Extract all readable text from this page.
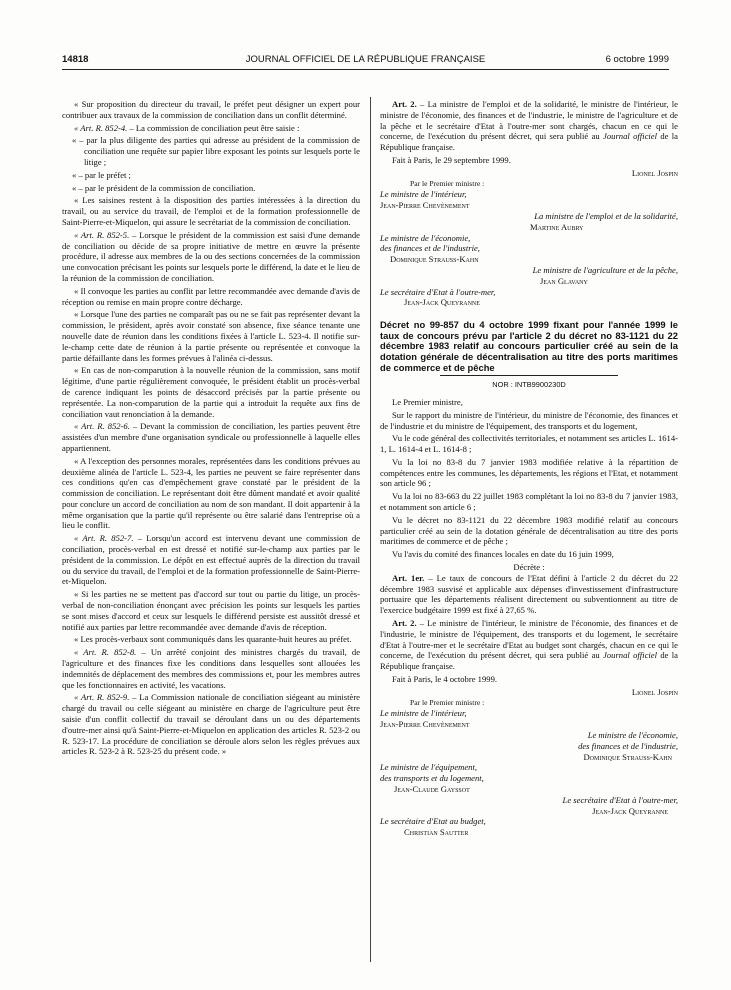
14818	JOURNAL OFFICIEL DE LA RÉPUBLIQUE FRANÇAISE	6 octobre 1999

« Sur proposition du directeur du travail, le préfet peut désigner un expert pour contribuer aux travaux de la commission de conciliation dans un conflit déterminé.

« Art. R. 852-4. – La commission de conciliation peut être saisie :

« – par la plus diligente des parties qui adresse au président de la commission de conciliation une requête sur papier libre exposant les points sur lesquels porte le litige ;

« – par le préfet ;

« – par le président de la commission de conciliation.

« Les saisines restent à la disposition des parties intéressées à la direction du travail, ou au service du travail, de l'emploi et de la formation professionnelle de Saint-Pierre-et-Miquelon, qui assure le secrétariat de la commission de conciliation.

« Art. R. 852-5. – Lorsque le président de la commission est saisi d'une demande de conciliation ou décide de sa propre initiative de mettre en œuvre la présente procédure, il adresse aux membres de la ou des sections concernées de la commission une convocation précisant les points sur lesquels porte le différend, la date et le lieu de la réunion de la commission de conciliation.

« Il convoque les parties au conflit par lettre recommandée avec demande d'avis de réception ou remise en main propre contre décharge.

« Lorsque l'une des parties ne comparaît pas ou ne se fait pas représenter devant la commission, le président, après avoir constaté son absence, fixe séance tenante une nouvelle date de réunion dans les conditions fixées à l'article L. 523-4. Il notifie sur-le-champ cette date de réunion à la partie présente ou représentée et convoque la partie défaillante dans les formes prévues à l'alinéa ci-dessus.

« En cas de non-comparution à la nouvelle réunion de la commission, sans motif légitime, d'une partie régulièrement convoquée, le président établit un procès-verbal de carence indiquant les points de désaccord précisés par la partie présente ou représentée. La non-comparution de la partie qui a introduit la requête aux fins de conciliation vaut renonciation à la demande.

« Art. R. 852-6. – Devant la commission de conciliation, les parties peuvent être assistées d'un membre d'une organisation syndicale ou professionnelle à laquelle elles appartiennent.

« A l'exception des personnes morales, représentées dans les conditions prévues au deuxième alinéa de l'article L. 523-4, les parties ne peuvent se faire représenter dans ces conditions qu'en cas d'empêchement grave constaté par le président de la commission de conciliation. Le représentant doit être dûment mandaté et avoir qualité pour conclure un accord de conciliation au nom de son mandant. Il doit appartenir à la même organisation que la partie qu'il représente ou être salarié dans l'entreprise où a lieu le conflit.

« Art. R. 852-7. – Lorsqu'un accord est intervenu devant une commission de conciliation, procès-verbal en est dressé et notifié sur-le-champ aux parties par le président de la commission. Le dépôt en est effectué auprès de la direction du travail ou du service du travail, de l'emploi et de la formation professionnelle de Saint-Pierre-et-Miquelon.

« Si les parties ne se mettent pas d'accord sur tout ou partie du litige, un procès-verbal de non-conciliation énonçant avec précision les points sur lesquels les parties se sont mises d'accord et ceux sur lesquels le différend persiste est aussitôt dressé et notifié aux parties par lettre recommandée avec demande d'avis de réception.

« Les procès-verbaux sont communiqués dans les quarante-huit heures au préfet.

« Art. R. 852-8. – Un arrêté conjoint des ministres chargés du travail, de l'agriculture et des finances fixe les conditions dans lesquelles sont allouées les indemnités de déplacement des membres des commissions et, pour les membres autres que les fonctionnaires en activité, les vacations.

« Art. R. 852-9. – La Commission nationale de conciliation siégeant au ministère chargé du travail ou celle siégeant au ministère en charge de l'agriculture peut être saisie d'un conflit collectif du travail se déroulant dans un ou des départements d'outre-mer ainsi qu'à Saint-Pierre-et-Miquelon en application des articles R. 523-2 ou R. 523-17. La procédure de conciliation se déroule alors selon les règles prévues aux articles R. 523-2 à R. 523-25 du présent code. »

Art. 2. – La ministre de l'emploi et de la solidarité, le ministre de l'intérieur, le ministre de l'économie, des finances et de l'industrie, le ministre de l'agriculture et de la pêche et le secrétaire d'Etat à l'outre-mer sont chargés, chacun en ce qui le concerne, de l'exécution du présent décret, qui sera publié au Journal officiel de la République française.

Fait à Paris, le 29 septembre 1999.

Lionel Jospin

Par le Premier ministre :

Le ministre de l'intérieur,

Jean-Pierre Chevènement

La ministre de l'emploi et de la solidarité,

Martine Aubry

Le ministre de l'économie,

des finances et de l'industrie,

Dominique Strauss-Kahn

Le ministre de l'agriculture et de la pêche,

Jean Glavany

Le secrétaire d'Etat à l'outre-mer,

Jean-Jack Queyranne

Décret no 99-857 du 4 octobre 1999 fixant pour l'année 1999 le taux de concours prévu par l'article 2 du décret no 83-1121 du 22 décembre 1983 relatif au concours particulier créé au sein de la dotation générale de décentralisation au titre des ports maritimes de commerce et de pêche
NOR : INTB9900230D

Le Premier ministre,

Sur le rapport du ministre de l'intérieur, du ministre de l'économie, des finances et de l'industrie et du ministre de l'équipement, des transports et du logement,

Vu le code général des collectivités territoriales, et notamment ses articles L. 1614-1, L. 1614-4 et L. 1614-8 ;

Vu la loi no 83-8 du 7 janvier 1983 modifiée relative à la répartition de compétences entre les communes, les départements, les régions et l'Etat, et notamment son article 96 ;

Vu la loi no 83-663 du 22 juillet 1983 complétant la loi no 83-8 du 7 janvier 1983, et notamment son article 6 ;

Vu le décret no 83-1121 du 22 décembre 1983 modifié relatif au concours particulier créé au sein de la dotation générale de décentralisation au titre des ports maritimes de commerce et de pêche ;

Vu l'avis du comité des finances locales en date du 16 juin 1999,

Décrète :

Art. 1er. – Le taux de concours de l'Etat défini à l'article 2 du décret du 22 décembre 1983 susvisé et applicable aux dépenses d'investissement d'infrastructure portuaire que les départements réalisent directement ou subventionnent au titre de l'exercice budgétaire 1999 est fixé à 27,65 %.

Art. 2. – Le ministre de l'intérieur, le ministre de l'économie, des finances et de l'industrie, le ministre de l'équipement, des transports et du logement, le secrétaire d'Etat à l'outre-mer et le secrétaire d'Etat au budget sont chargés, chacun en ce qui le concerne, de l'exécution du présent décret, qui sera publié au Journal officiel de la République française.

Fait à Paris, le 4 octobre 1999.

Lionel Jospin

Par le Premier ministre :

Le ministre de l'intérieur,

Jean-Pierre Chevènement

Le ministre de l'économie,

des finances et de l'industrie,

Dominique Strauss-Kahn

Le ministre de l'équipement,

des transports et du logement,

Jean-Claude Gayssot

Le secrétaire d'Etat à l'outre-mer,

Jean-Jack Queyranne

Le secrétaire d'Etat au budget,

Christian Sautter
